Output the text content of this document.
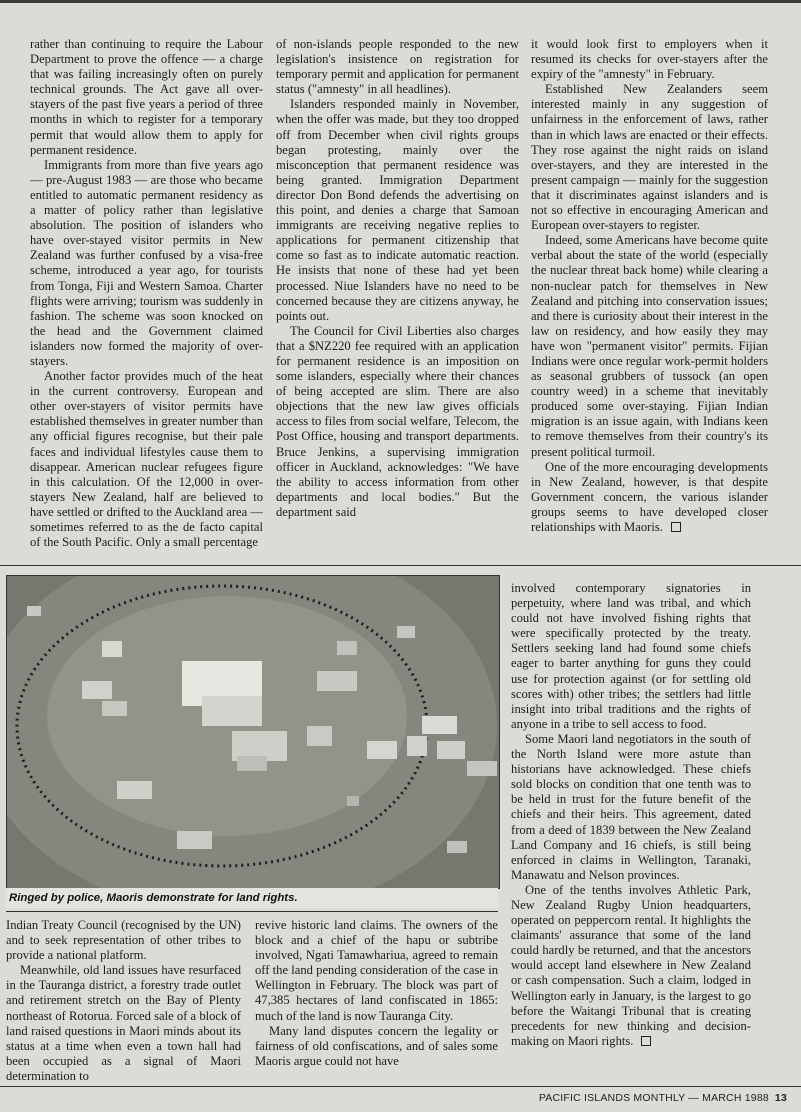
rather than continuing to require the Labour Department to prove the offence — a charge that was failing increasingly often on purely technical grounds. The Act gave all over-stayers of the past five years a period of three months in which to register for a temporary permit that would allow them to apply for permanent residence.

Immigrants from more than five years ago — pre-August 1983 — are those who became entitled to automatic permanent residency as a matter of policy rather than legislative absolution. The position of islanders who have over-stayed visitor permits in New Zealand was further confused by a visa-free scheme, introduced a year ago, for tourists from Tonga, Fiji and Western Samoa. Charter flights were arriving; tourism was suddenly in fashion. The scheme was soon knocked on the head and the Government claimed islanders now formed the majority of over-stayers.

Another factor provides much of the heat in the current controversy. European and other over-stayers of visitor permits have established themselves in greater number than any official figures recognise, but their pale faces and individual lifestyles cause them to disappear. American nuclear refugees figure in this calculation. Of the 12,000 in over-stayers New Zealand, half are believed to have settled or drifted to the Auckland area — sometimes referred to as the de facto capital of the South Pacific. Only a small percentage

of non-islands people responded to the new legislation's insistence on registration for temporary permit and application for permanent status ("amnesty" in all headlines).

Islanders responded mainly in November, when the offer was made, but they too dropped off from December when civil rights groups began protesting, mainly over the misconception that permanent residence was being granted. Immigration Department director Don Bond defends the advertising on this point, and denies a charge that Samoan immigrants are receiving negative replies to applications for permanent citizenship that come so fast as to indicate automatic reaction. He insists that none of these had yet been processed. Niue Islanders have no need to be concerned because they are citizens anyway, he points out.

The Council for Civil Liberties also charges that a $NZ220 fee required with an application for permanent residence is an imposition on some islanders, especially where their chances of being accepted are slim. There are also objections that the new law gives officials access to files from social welfare, Telecom, the Post Office, housing and transport departments. Bruce Jenkins, a supervising immigration officer in Auckland, acknowledges: "We have the ability to access information from other departments and local bodies." But the department said

it would look first to employers when it resumed its checks for over-stayers after the expiry of the "amnesty" in February.

Established New Zealanders seem interested mainly in any suggestion of unfairness in the enforcement of laws, rather than in which laws are enacted or their effects. They rose against the night raids on island over-stayers, and they are interested in the present campaign — mainly for the suggestion that it discriminates against islanders and is not so effective in encouraging American and European over-stayers to register.

Indeed, some Americans have become quite verbal about the state of the world (especially the nuclear threat back home) while clearing a non-nuclear patch for themselves in New Zealand and pitching into conservation issues; and there is curiosity about their interest in the law on residency, and how easily they may have won "permanent visitor" permits. Fijian Indians were once regular work-permit holders as seasonal grubbers of tussock (an open country weed) in a scheme that inevitably produced some over-staying. Fijian Indian migration is an issue again, with Indians keen to remove themselves from their country's its present political turmoil.

One of the more encouraging developments in New Zealand, however, is that despite Government concern, the various islander groups seems to have developed closer relationships with Maoris.

Ringed by police, Maoris demonstrate for land rights.

Indian Treaty Council (recognised by the UN) and to seek representation of other tribes to provide a national platform.

Meanwhile, old land issues have resurfaced in the Tauranga district, a forestry trade outlet and retirement stretch on the Bay of Plenty northeast of Rotorua. Forced sale of a block of land raised questions in Maori minds about its status at a time when even a town hall had been occupied as a signal of Maori determination to

revive historic land claims. The owners of the block and a chief of the hapu or subtribe involved, Ngati Tamawhariua, agreed to remain off the land pending consideration of the case in Wellington in February. The block was part of 47,385 hectares of land confiscated in 1865: much of the land is now Tauranga City.

Many land disputes concern the legality or fairness of old confiscations, and of sales some Maoris argue could not have

involved contemporary signatories in perpetuity, where land was tribal, and which could not have involved fishing rights that were specifically protected by the treaty. Settlers seeking land had found some chiefs eager to barter anything for guns they could use for protection against (or for settling old scores with) other tribes; the settlers had little insight into tribal traditions and the rights of anyone in a tribe to sell access to food.

Some Maori land negotiators in the south of the North Island were more astute than historians have acknowledged. These chiefs sold blocks on condition that one tenth was to be held in trust for the future benefit of the chiefs and their heirs. This agreement, dated from a deed of 1839 between the New Zealand Land Company and 16 chiefs, is still being enforced in claims in Wellington, Taranaki, Manawatu and Nelson provinces.

One of the tenths involves Athletic Park, New Zealand Rugby Union headquarters, operated on peppercorn rental. It highlights the claimants' assurance that some of the land could hardly be returned, and that the ancestors would accept land elsewhere in New Zealand or cash compensation. Such a claim, lodged in Wellington early in January, is the largest to go before the Waitangi Tribunal that is creating precedents for new thinking and decision-making on Maori rights.

PACIFIC ISLANDS MONTHLY — MARCH 1988 13
